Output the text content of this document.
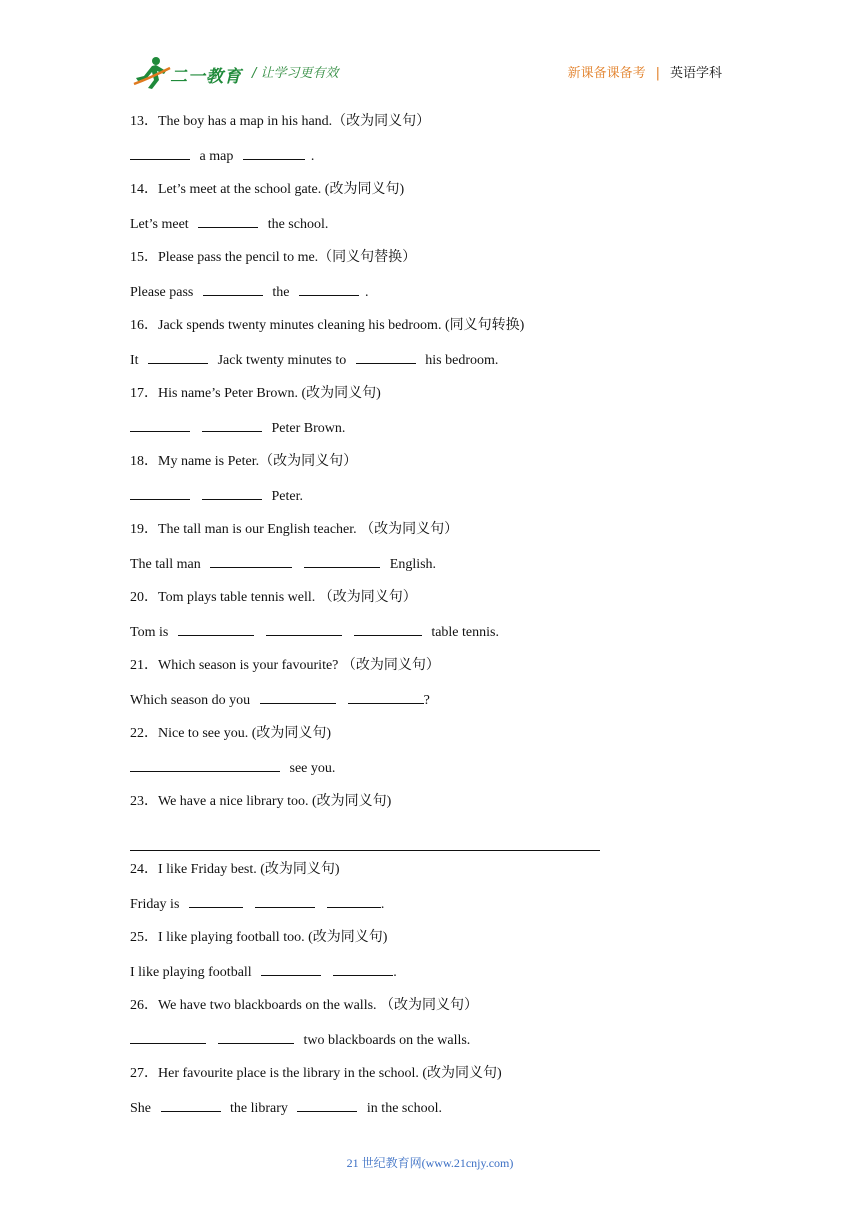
二一教育 / 让学习更有效	新课备课备考 | 英语学科
13．The boy has a map in his hand.（改为同义句）
a map	.
14．Let’s meet at the school gate. (改为同义句)
Let’s meet	the school.
15．Please pass the pencil to me.（同义句替换）
Please pass	the	.
16．Jack spends twenty minutes cleaning his bedroom. (同义句转换)
It	Jack twenty minutes to	his bedroom.
17．His name’s Peter Brown. (改为同义句)
Peter Brown.
18．My name is Peter.（改为同义句）
Peter.
19．The tall man is our English teacher. （改为同义句）
The tall man	English.
20．Tom plays table tennis well. （改为同义句）
Tom is	table tennis.
21．Which season is your favourite? （改为同义句）
Which season do you	?
22．Nice to see you. (改为同义句)
see you.
23．We have a nice library too. (改为同义句)
24．I like Friday best. (改为同义句)
Friday is	.
25．I like playing football too. (改为同义句)
I like playing football	.
26．We have two blackboards on the walls. （改为同义句）
two blackboards on the walls.
27．Her favourite place is the library in the school. (改为同义句)
She	the library	in the school.
21 世纪教育网(www.21cnjy.com)
